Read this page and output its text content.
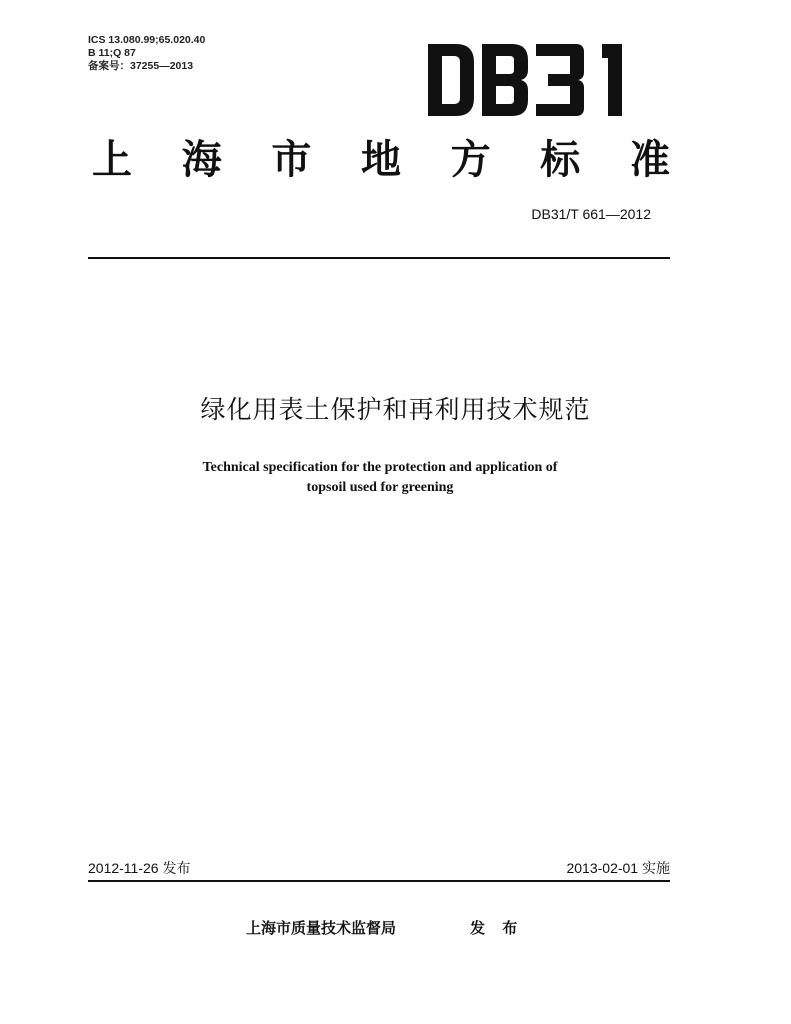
ICS 13.080.99;65.020.40
B 11;Q 87
备案号：37255—2013
上 海 市 地 方 标 准
DB31/T 661—2012
绿化用表土保护和再利用技术规范
Technical specification for the protection and application of
topsoil used for greening
2012-11-26 发布	2013-02-01 实施
上海市质量技术监督局	发 布
